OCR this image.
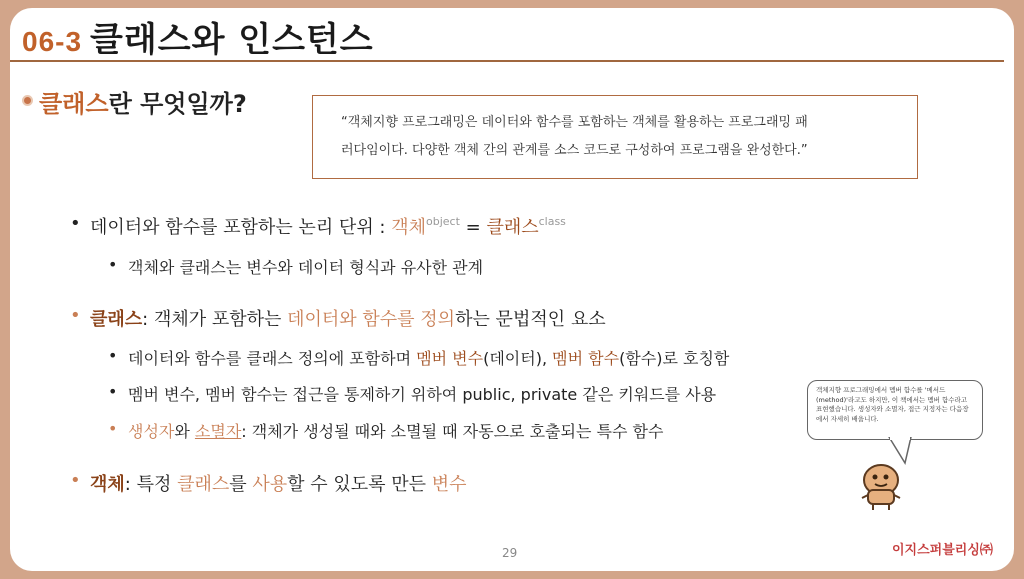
06-3 클래스와 인스턴스
클래스란 무엇일까?
“객체지향 프로그래밍은 데이터와 함수를 포함하는 객체를 활용하는 프로그래밍 패
러다임이다. 다양한 객체 간의 관계를 소스 코드로 구성하여 프로그램을 완성한다.”
• 데이터와 함수를 포함하는 논리 단위 : 객체$^{object}$ = 클래스$^{class}$
• 객체와 클래스는 변수와 데이터 형식과 유사한 관계
• 클래스: 객체가 포함하는 데이터와 함수를 정의하는 문법적인 요소
• 데이터와 함수를 클래스 정의에 포함하며 멤버 변수(데이터), 멤버 함수(함수)로 호칭함
• 멤버 변수, 멤버 함수는 접근을 통제하기 위하여 public, private 같은 키워드를 사용
• 생성자와 소멸자: 객체가 생성될 때와 소멸될 때 자동으로 호출되는 특수 함수
• 객체: 특정 클래스를 사용할 수 있도록 만든 변수
객체지향 프로그래밍에서 멤버 함수를 '메서드(method)'라고도 하지만, 이 책에서는 멤버 함수라고 표현했습니다. 생성자와 소멸자, 접근 지정자는 다음장에서 자세히 배웁니다.
29	이지스퍼블리싱㈜
